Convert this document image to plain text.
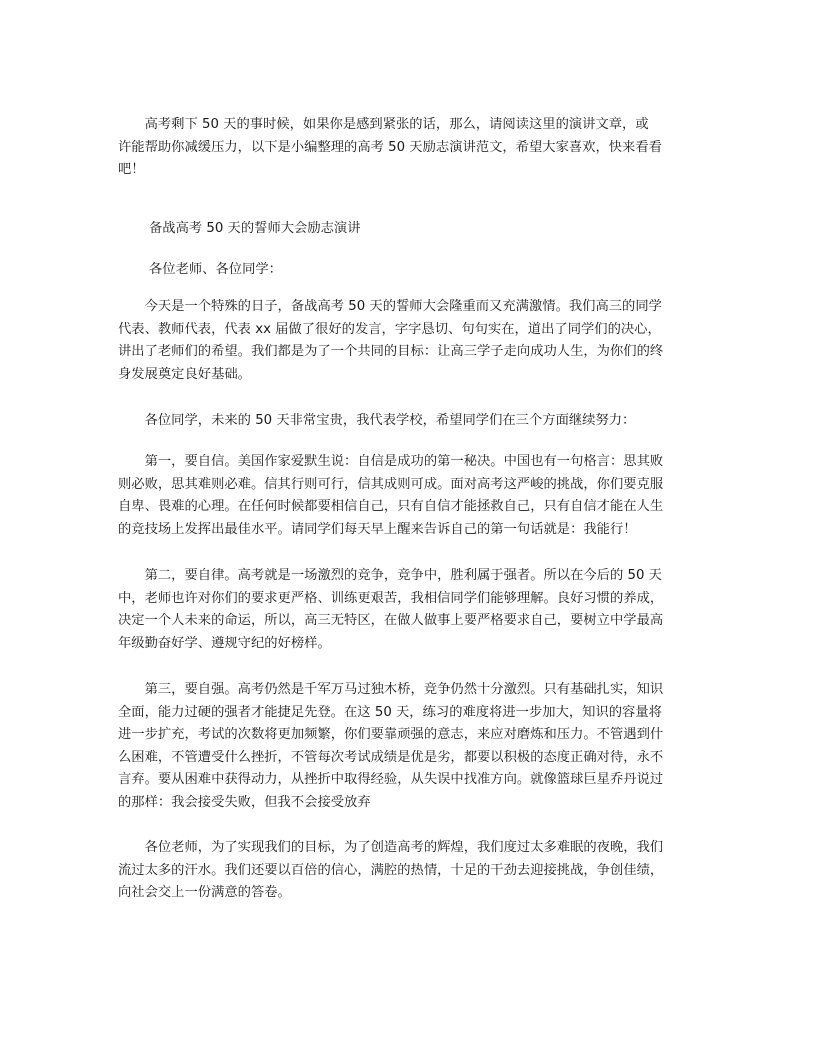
　　高考剩下 50 天的事时候，如果你是感到紧张的话，那么，请阅读这里的演讲文章，或
许能帮助你减缓压力，以下是小编整理的高考 50 天励志演讲范文，希望大家喜欢，快来看看
吧！

备战高考 50 天的誓师大会励志演讲

各位老师、各位同学：

　　今天是一个特殊的日子，备战高考 50 天的誓师大会隆重而又充满激情。我们高三的同学
代表、教师代表，代表 xx 届做了很好的发言，字字恳切、句句实在，道出了同学们的决心，
讲出了老师们的希望。我们都是为了一个共同的目标：让高三学子走向成功人生，为你们的终
身发展奠定良好基础。

　　各位同学，未来的 50 天非常宝贵，我代表学校，希望同学们在三个方面继续努力：

　　第一，要自信。美国作家爱默生说：自信是成功的第一秘决。中国也有一句格言：思其败
则必败，思其难则必难。信其行则可行，信其成则可成。面对高考这严峻的挑战，你们要克服
自卑、畏难的心理。在任何时候都要相信自己，只有自信才能拯救自己，只有自信才能在人生
的竞技场上发挥出最佳水平。请同学们每天早上醒来告诉自己的第一句话就是：我能行！

　　第二，要自律。高考就是一场激烈的竞争，竞争中，胜利属于强者。所以在今后的 50 天
中，老师也许对你们的要求更严格、训练更艰苦，我相信同学们能够理解。良好习惯的养成，
决定一个人未来的命运，所以，高三无特区，在做人做事上要严格要求自己，要树立中学最高
年级勤奋好学、遵规守纪的好榜样。

　　第三，要自强。高考仍然是千军万马过独木桥，竞争仍然十分激烈。只有基础扎实，知识
全面，能力过硬的强者才能捷足先登。在这 50 天，练习的难度将进一步加大，知识的容量将
进一步扩充，考试的次数将更加频繁，你们要靠顽强的意志，来应对磨炼和压力。不管遇到什
么困难，不管遭受什么挫折，不管每次考试成绩是优是劣，都要以积极的态度正确对待，永不
言弃。要从困难中获得动力，从挫折中取得经验，从失误中找准方向。就像篮球巨星乔丹说过
的那样：我会接受失败，但我不会接受放弃

　　各位老师，为了实现我们的目标，为了创造高考的辉煌，我们度过太多难眠的夜晚，我们
流过太多的汗水。我们还要以百倍的信心，满腔的热情，十足的干劲去迎接挑战，争创佳绩，
向社会交上一份满意的答卷。
